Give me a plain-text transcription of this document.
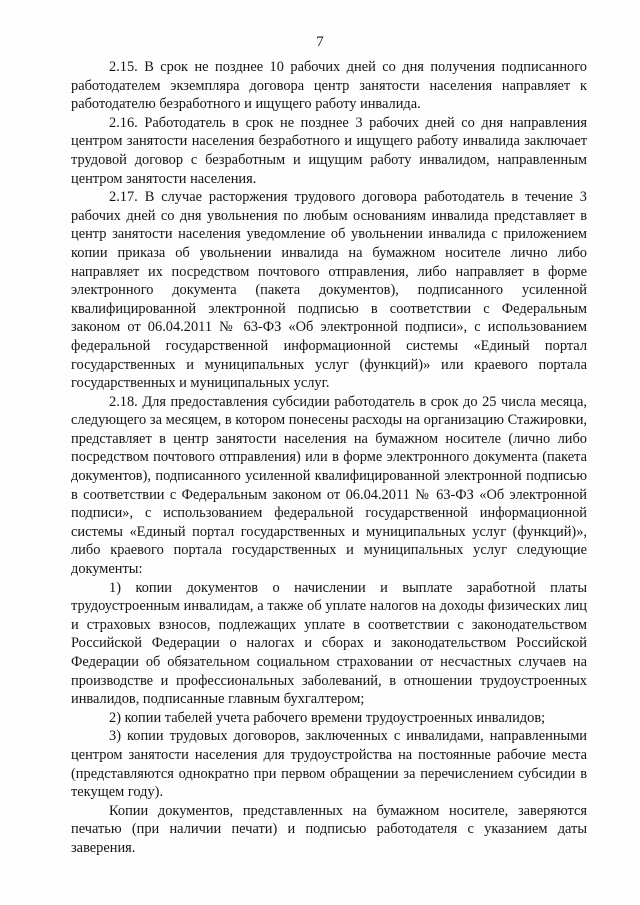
7

2.15. В срок не позднее 10 рабочих дней со дня получения подписанного работодателем экземпляра договора центр занятости населения направляет к работодателю безработного и ищущего работу инвалида.

2.16. Работодатель в срок не позднее 3 рабочих дней со дня направления центром занятости населения безработного и ищущего работу инвалида заключает трудовой договор с безработным и ищущим работу инвалидом, направленным центром занятости населения.

2.17. В случае расторжения трудового договора работодатель в течение 3 рабочих дней со дня увольнения по любым основаниям инвалида представляет в центр занятости населения уведомление об увольнении инвалида с приложением копии приказа об увольнении инвалида на бумажном носителе лично либо направляет их посредством почтового отправления, либо направляет в форме электронного документа (пакета документов), подписанного усиленной квалифицированной электронной подписью в соответствии с Федеральным законом от 06.04.2011 № 63-ФЗ «Об электронной подписи», с использованием федеральной государственной информационной системы «Единый портал государственных и муниципальных услуг (функций)» или краевого портала государственных и муниципальных услуг.

2.18. Для предоставления субсидии работодатель в срок до 25 числа месяца, следующего за месяцем, в котором понесены расходы на организацию Стажировки, представляет в центр занятости населения на бумажном носителе (лично либо посредством почтового отправления) или в форме электронного документа (пакета документов), подписанного усиленной квалифицированной электронной подписью в соответствии с Федеральным законом от 06.04.2011 № 63-ФЗ «Об электронной подписи», с использованием федеральной государственной информационной системы «Единый портал государственных и муниципальных услуг (функций)», либо краевого портала государственных и муниципальных услуг следующие документы:

1) копии документов о начислении и выплате заработной платы трудоустроенным инвалидам, а также об уплате налогов на доходы физических лиц и страховых взносов, подлежащих уплате в соответствии с законодательством Российской Федерации о налогах и сборах и законодательством Российской Федерации об обязательном социальном страховании от несчастных случаев на производстве и профессиональных заболеваний, в отношении трудоустроенных инвалидов, подписанные главным бухгалтером;

2) копии табелей учета рабочего времени трудоустроенных инвалидов;

3) копии трудовых договоров, заключенных с инвалидами, направленными центром занятости населения для трудоустройства на постоянные рабочие места (представляются однократно при первом обращении за перечислением субсидии в текущем году).

Копии документов, представленных на бумажном носителе, заверяются печатью (при наличии печати) и подписью работодателя с указанием даты заверения.
